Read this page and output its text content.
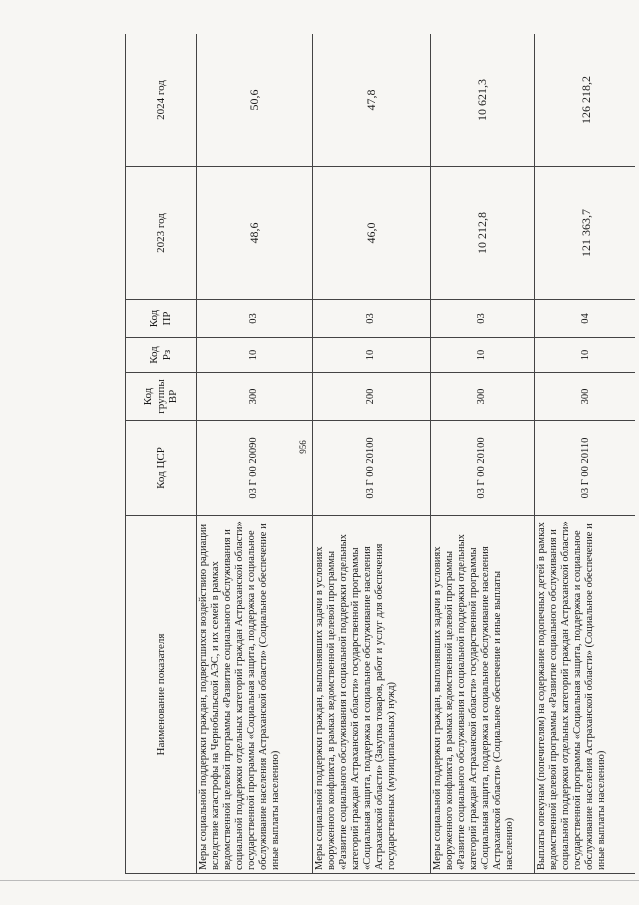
956
Наименование показателя	Код ЦСР	Код группы ВР	Код Рз	Код ПР	2023 год	2024 год
Меры социальной поддержки граждан, подвергшихся воздействию радиации вследствие катастрофы на Чернобыльской АЭС, и их семей в рамках ведомственной целевой программы «Развитие социального обслуживания и социальной поддержки отдельных категорий граждан Астраханской области» государственной программы «Социальная защита, поддержка и социальное обслуживание населения Астраханской области» (Социальное обеспечение и иные выплаты населению)	03 Г 00 20090	300	10	03	48,6	50,6
Меры социальной поддержки граждан, выполнявших задачи в условиях вооруженного конфликта, в рамках ведомственной целевой программы «Развитие социального обслуживания и социальной поддержки отдельных категорий граждан Астраханской области» государственной программы «Социальная защита, поддержка и социальное обслуживание населения Астраханской области» (Закупка товаров, работ и услуг для обеспечения государственных (муниципальных) нужд)	03 Г 00 20100	200	10	03	46,0	47,8
Меры социальной поддержки граждан, выполнявших задачи в условиях вооруженного конфликта, в рамках ведомственной целевой программы «Развитие социального обслуживания и социальной поддержки отдельных категорий граждан Астраханской области» государственной программы «Социальная защита, поддержка и социальное обслуживание населения Астраханской области» (Социальное обеспечение и иные выплаты населению)	03 Г 00 20100	300	10	03	10 212,8	10 621,3
Выплаты опекунам (попечителям) на содержание подопечных детей в рамках ведомственной целевой программы «Развитие социального обслуживания и социальной поддержки отдельных категорий граждан Астраханской области» государственной программы «Социальная защита, поддержка и социальное обслуживание населения Астраханской области» (Социальное обеспечение и иные выплаты населению)	03 Г 00 20110	300	10	04	121 363,7	126 218,2
